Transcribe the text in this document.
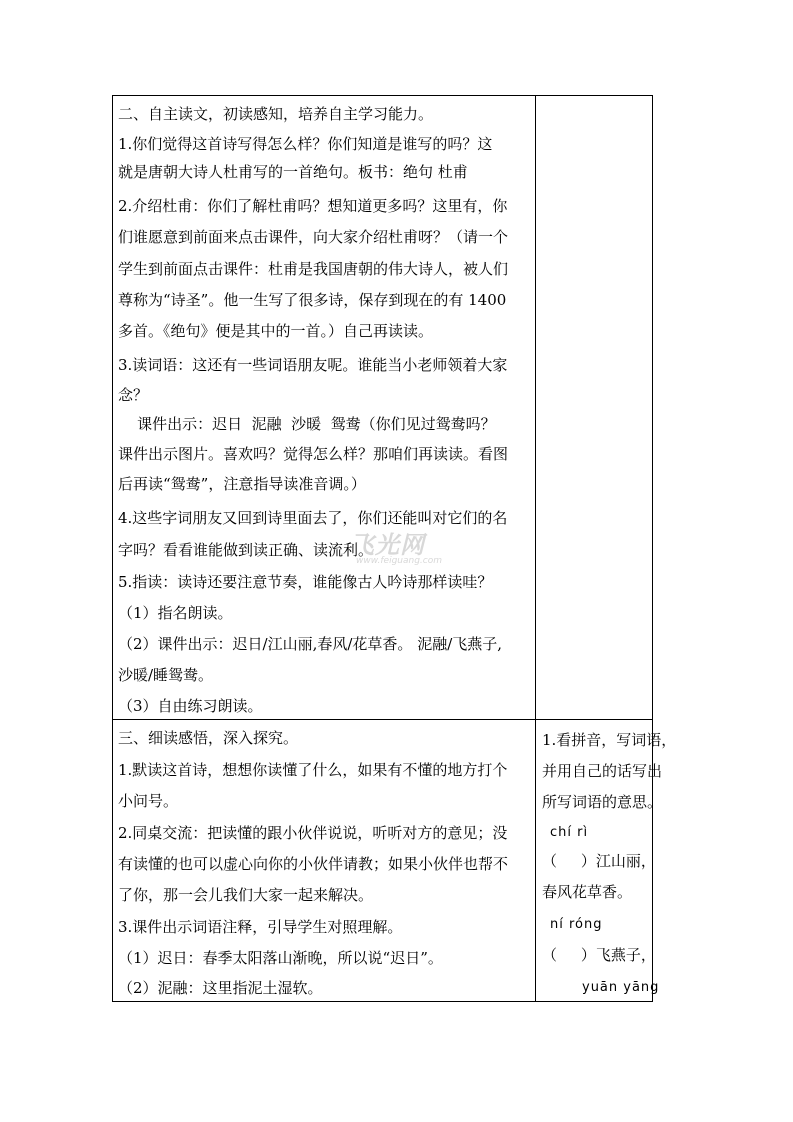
二、自主读文，初读感知，培养自主学习能力。
1.你们觉得这首诗写得怎么样？你们知道是谁写的吗？这
就是唐朝大诗人杜甫写的一首绝句。板书：绝句 杜甫
2.介绍杜甫：你们了解杜甫吗？想知道更多吗？这里有，你
们谁愿意到前面来点击课件，向大家介绍杜甫呀？（请一个
学生到前面点击课件：杜甫是我国唐朝的伟大诗人，被人们
尊称为“诗圣”。他一生写了很多诗，保存到现在的有 1400
多首。《绝句》便是其中的一首。）自己再读读。
3.读词语：这还有一些词语朋友呢。谁能当小老师领着大家
念？
课件出示：迟日  泥融  沙暖  鸳鸯（你们见过鸳鸯吗？
课件出示图片。喜欢吗？觉得怎么样？那咱们再读读。看图
后再读“鸳鸯”，注意指导读准音调。）
4.这些字词朋友又回到诗里面去了，你们还能叫对它们的名
字吗？看看谁能做到读正确、读流利。
5.指读：读诗还要注意节奏，谁能像古人吟诗那样读哇？
（1）指名朗读。
（2）课件出示：迟日/江山丽,春风/花草香。 泥融/飞燕子,
沙暖/睡鸳鸯。
（3）自由练习朗读。
三、细读感悟，深入探究。
1.默读这首诗，想想你读懂了什么，如果有不懂的地方打个
小问号。
2.同桌交流：把读懂的跟小伙伴说说，听听对方的意见；没
有读懂的也可以虚心向你的小伙伴请教；如果小伙伴也帮不
了你，那一会儿我们大家一起来解决。
3.课件出示词语注释，引导学生对照理解。
（1）迟日：春季太阳落山渐晚，所以说“迟日”。
（2）泥融：这里指泥土湿软。
1.看拼音，写词语，
并用自己的话写出
所写词语的意思。
chí rì
（     ）江山丽，
春风花草香。
ní róng
（     ）飞燕子，
yuān yāng
飞光网
www.feiguang.com
